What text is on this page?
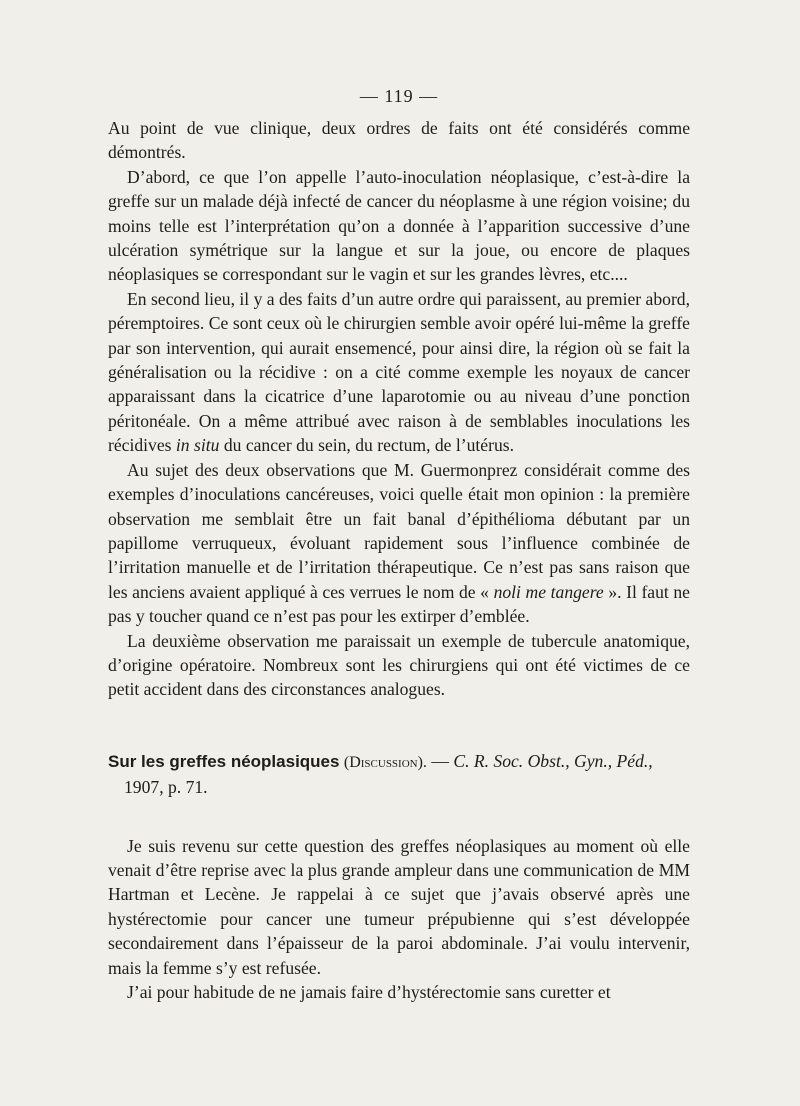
— 119 —

Au point de vue clinique, deux ordres de faits ont été considérés comme démontrés.

D’abord, ce que l’on appelle l’auto-inoculation néoplasique, c’est-à-dire la greffe sur un malade déjà infecté de cancer du néoplasme à une région voisine; du moins telle est l’interprétation qu’on a donnée à l’apparition successive d’une ulcération symétrique sur la langue et sur la joue, ou encore de plaques néoplasiques se correspondant sur le vagin et sur les grandes lèvres, etc....

En second lieu, il y a des faits d’un autre ordre qui paraissent, au premier abord, péremptoires. Ce sont ceux où le chirurgien semble avoir opéré lui-même la greffe par son intervention, qui aurait ensemencé, pour ainsi dire, la région où se fait la généralisation ou la récidive : on a cité comme exemple les noyaux de cancer apparaissant dans la cicatrice d’une laparotomie ou au niveau d’une ponction péritonéale. On a même attribué avec raison à de semblables inoculations les récidives in situ du cancer du sein, du rectum, de l’utérus.

Au sujet des deux observations que M. Guermonprez considérait comme des exemples d’inoculations cancéreuses, voici quelle était mon opinion : la première observation me semblait être un fait banal d’épithélioma débutant par un papillome verruqueux, évoluant rapidement sous l’influence combinée de l’irritation manuelle et de l’irritation thérapeutique. Ce n’est pas sans raison que les anciens avaient appliqué à ces verrues le nom de « noli me tangere ». Il faut ne pas y toucher quand ce n’est pas pour les extirper d’emblée.

La deuxième observation me paraissait un exemple de tubercule anatomique, d’origine opératoire. Nombreux sont les chirurgiens qui ont été victimes de ce petit accident dans des circonstances analogues.

Sur les greffes néoplasiques (Discussion). — C. R. Soc. Obst., Gyn., Péd.,
1907, p. 71.

Je suis revenu sur cette question des greffes néoplasiques au moment où elle venait d’être reprise avec la plus grande ampleur dans une communication de MM Hartman et Lecène. Je rappelai à ce sujet que j’avais observé après une hystérectomie pour cancer une tumeur prépubienne qui s’est développée secondairement dans l’épaisseur de la paroi abdominale. J’ai voulu intervenir, mais la femme s’y est refusée.

J’ai pour habitude de ne jamais faire d’hystérectomie sans curetter et
